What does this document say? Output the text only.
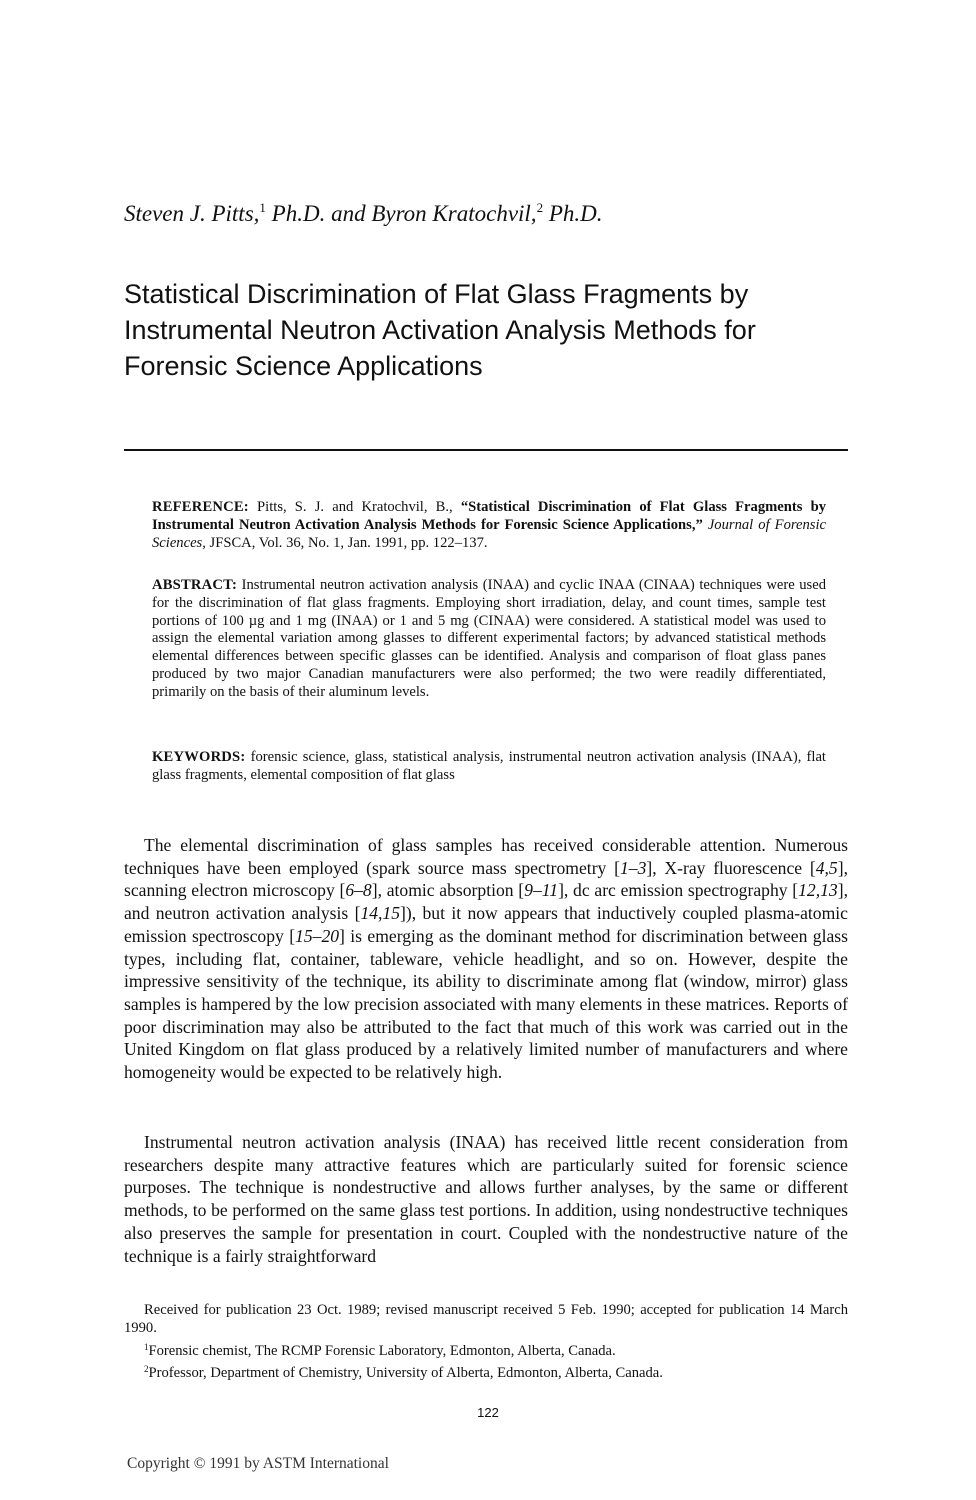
Steven J. Pitts,$^1$ Ph.D. and Byron Kratochvil,$^2$ Ph.D.
Statistical Discrimination of Flat Glass Fragments by
Instrumental Neutron Activation Analysis Methods for
Forensic Science Applications
REFERENCE: Pitts, S. J. and Kratochvil, B., “Statistical Discrimination of Flat Glass Fragments by Instrumental Neutron Activation Analysis Methods for Forensic Science Applications,” Journal of Forensic Sciences, JFSCA, Vol. 36, No. 1, Jan. 1991, pp. 122–137.
ABSTRACT: Instrumental neutron activation analysis (INAA) and cyclic INAA (CINAA) techniques were used for the discrimination of flat glass fragments. Employing short irradiation, delay, and count times, sample test portions of 100 µg and 1 mg (INAA) or 1 and 5 mg (CINAA) were considered. A statistical model was used to assign the elemental variation among glasses to different experimental factors; by advanced statistical methods elemental differences between specific glasses can be identified. Analysis and comparison of float glass panes produced by two major Canadian manufacturers were also performed; the two were readily differentiated, primarily on the basis of their aluminum levels.
KEYWORDS: forensic science, glass, statistical analysis, instrumental neutron activation analysis (INAA), flat glass fragments, elemental composition of flat glass
The elemental discrimination of glass samples has received considerable attention. Numerous techniques have been employed (spark source mass spectrometry [1–3], X-ray fluorescence [4,5], scanning electron microscopy [6–8], atomic absorption [9–11], dc arc emission spectrography [12,13], and neutron activation analysis [14,15]), but it now appears that inductively coupled plasma-atomic emission spectroscopy [15–20] is emerging as the dominant method for discrimination between glass types, including flat, container, tableware, vehicle headlight, and so on. However, despite the impressive sensitivity of the technique, its ability to discriminate among flat (window, mirror) glass samples is hampered by the low precision associated with many elements in these matrices. Reports of poor discrimination may also be attributed to the fact that much of this work was carried out in the United Kingdom on flat glass produced by a relatively limited number of manufacturers and where homogeneity would be expected to be relatively high.
Instrumental neutron activation analysis (INAA) has received little recent consideration from researchers despite many attractive features which are particularly suited for forensic science purposes. The technique is nondestructive and allows further analyses, by the same or different methods, to be performed on the same glass test portions. In addition, using nondestructive techniques also preserves the sample for presentation in court. Coupled with the nondestructive nature of the technique is a fairly straightforward
Received for publication 23 Oct. 1989; revised manuscript received 5 Feb. 1990; accepted for publication 14 March 1990.
$^1$Forensic chemist, The RCMP Forensic Laboratory, Edmonton, Alberta, Canada.
$^2$Professor, Department of Chemistry, University of Alberta, Edmonton, Alberta, Canada.
122
Copyright © 1991 by ASTM International
